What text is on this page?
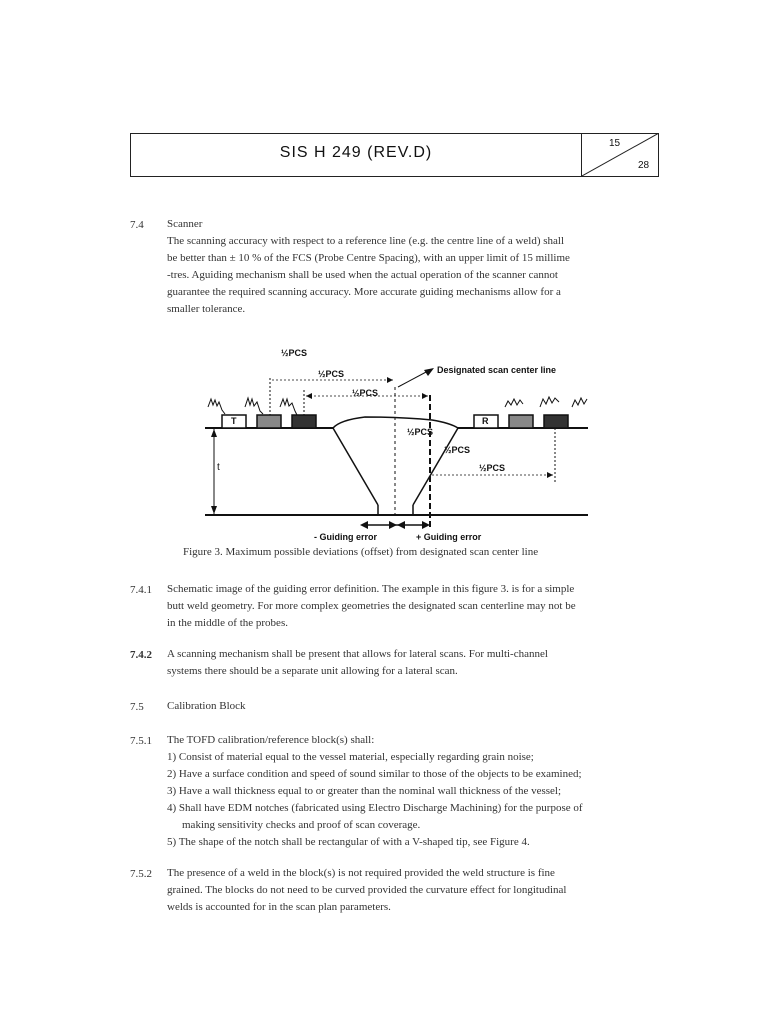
SIS H 249 (REV.D)
15
28
7.4 Scanner
The scanning accuracy with respect to a reference line (e.g. the centre line of a weld) shall
be better than ± 10 % of the FCS (Probe Centre Spacing), with an upper limit of 15 millime
-tres. Aguiding mechanism shall be used when the actual operation of the scanner cannot
guarantee the required scanning accuracy. More accurate guiding mechanisms allow for a
smaller tolerance.
½PCS
½PCS	Designated scan center line
½PCS
½PCS
½PCS
½PCS
T	R
t
- Guiding error	+ Guiding error
Figure 3. Maximum possible deviations (offset) from designated scan center line
7.4.1 Schematic image of the guiding error definition. The example in this figure 3. is for a simple
butt weld geometry. For more complex geometries the designated scan centerline may not be
in the middle of the probes.
7.4.2 A scanning mechanism shall be present that allows for lateral scans. For multi-channel
systems there should be a separate unit allowing for a lateral scan.
7.5 Calibration Block
7.5.1 The TOFD calibration/reference block(s) shall:
1) Consist of material equal to the vessel material, especially regarding grain noise;
2) Have a surface condition and speed of sound similar to those of the objects to be examined;
3) Have a wall thickness equal to or greater than the nominal wall thickness of the vessel;
4) Shall have EDM notches (fabricated using Electro Discharge Machining) for the purpose of
making sensitivity checks and proof of scan coverage.
5) The shape of the notch shall be rectangular of with a V-shaped tip, see Figure 4.
7.5.2 The presence of a weld in the block(s) is not required provided the weld structure is fine
grained. The blocks do not need to be curved provided the curvature effect for longitudinal
welds is accounted for in the scan plan parameters.
